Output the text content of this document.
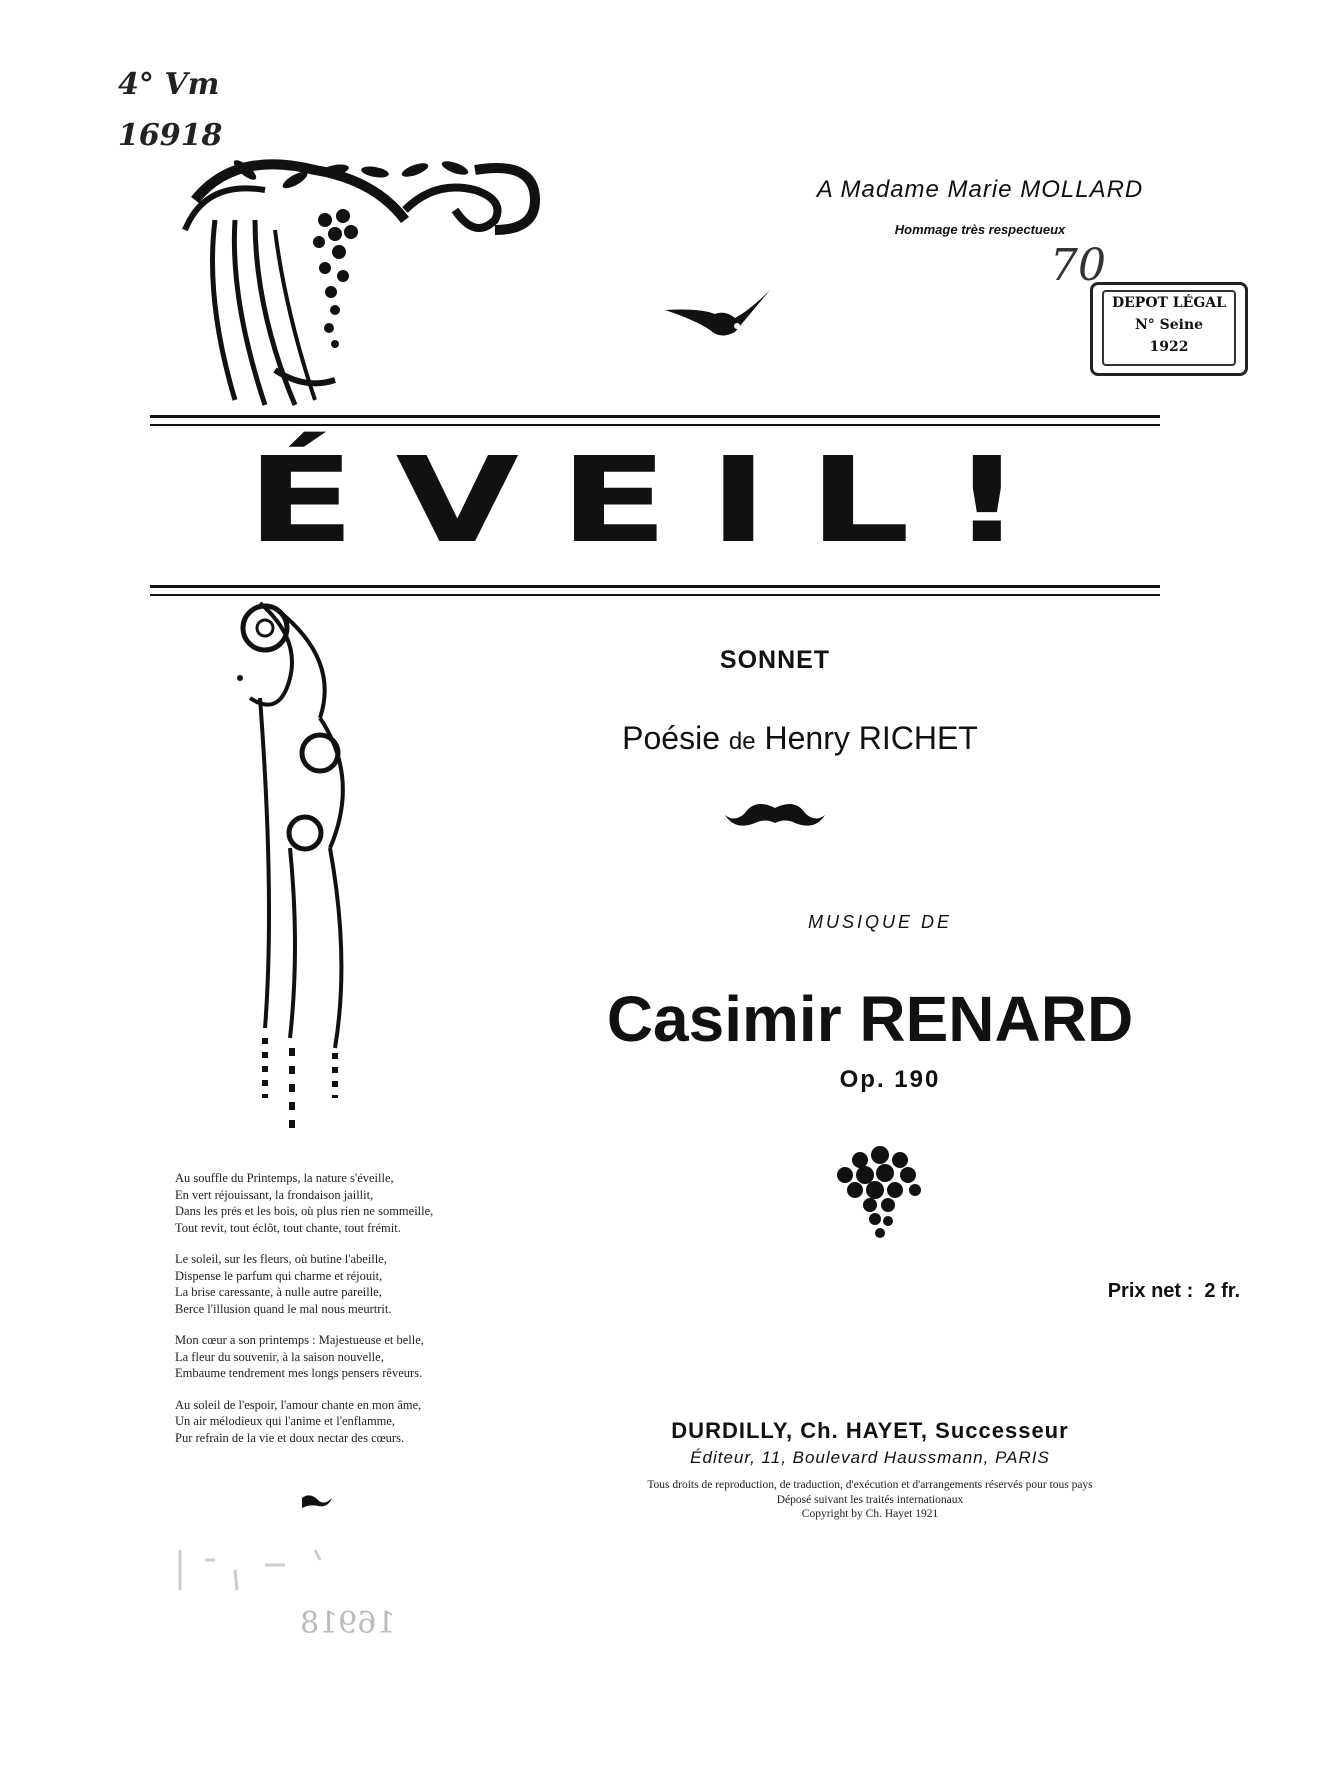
4° Vm
16918
A Madame Marie MOLLARD
Hommage très respectueux
70
DEPOT LÉGAL
N° Seine
1922
ÉVEIL!
SONNET
Poésie de Henry RICHET
MUSIQUE DE
Casimir RENARD
Op. 190
Prix net : 2 fr.
Au souffle du Printemps, la nature s'éveille,
En vert réjouissant, la frondaison jaillit,
Dans les prés et les bois, où plus rien ne sommeille,
Tout revit, tout éclôt, tout chante, tout frémit.
Le soleil, sur les fleurs, où butine l'abeille,
Dispense le parfum qui charme et réjouit,
La brise caressante, à nulle autre pareille,
Berce l'illusion quand le mal nous meurtrit.
Mon cœur a son printemps : Majestueuse et belle,
La fleur du souvenir, à la saison nouvelle,
Embaume tendrement mes longs pensers rêveurs.
Au soleil de l'espoir, l'amour chante en mon âme,
Un air mélodieux qui l'anime et l'enflamme,
Pur refrain de la vie et doux nectar des cœurs.	DURDILLY, Ch. HAYET, Successeur
Éditeur, 11, Boulevard Haussmann, PARIS
Tous droits de reproduction, de traduction, d'exécution et d'arrangements réservés pour tous pays
Déposé suivant les traités internationaux
Copyright by Ch. Hayet 1921
16918
